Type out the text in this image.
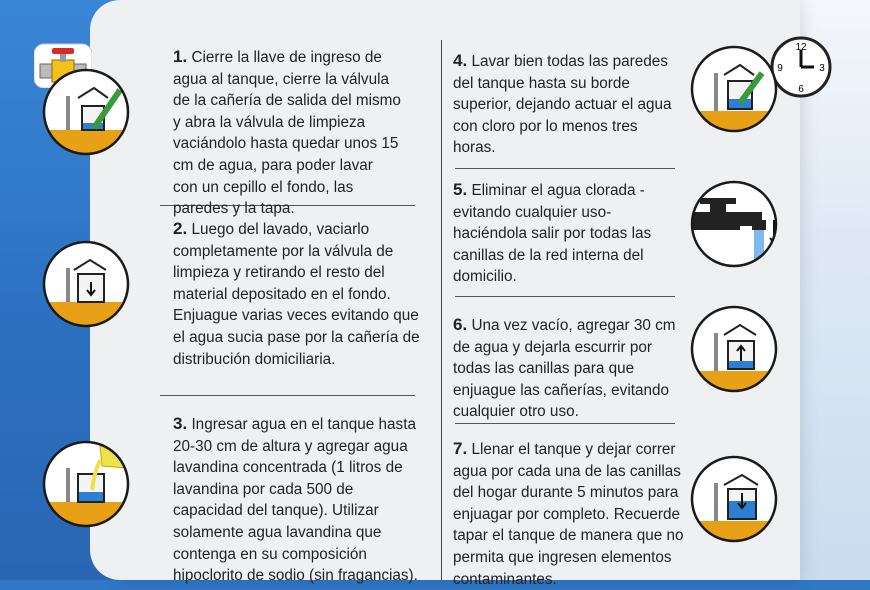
12
3
6
9
1. Cierre la llave de ingreso de agua al tanque, cierre la válvula de la cañería de salida del mismo y abra la válvula de limpieza vaciándolo hasta quedar unos 15 cm de agua, para poder lavar con un cepillo el fondo, las paredes y la tapa.
2. Luego del lavado, vaciarlo completamente por la válvula de limpieza y retirando el resto del material depositado en el fondo. Enjuague varias veces evitando que el agua sucia pase por la cañería de distribución domiciliaria.
3. Ingresar agua en el tanque hasta 20-30 cm de altura y agregar agua lavandina concentrada (1 litros de lavandina por cada 500 de capacidad del tanque). Utilizar solamente agua lavandina que contenga en su composición hipoclorito de sodio (sin fragancias).
4. Lavar bien todas las paredes del tanque hasta su borde superior, dejando actuar el agua con cloro por lo menos tres horas.
5. Eliminar el agua clorada -evitando cualquier uso- haciéndola salir por todas las canillas de la red interna del domicilio.
6. Una vez vacío, agregar 30 cm de agua y dejarla escurrir por todas las canillas para que enjuague las cañerías, evitando cualquier otro uso.
7. Llenar el tanque y dejar correr agua por cada una de las canillas del hogar durante 5 minutos para enjuagar por completo. Recuerde tapar el tanque de manera que no permita que ingresen elementos contaminantes.
